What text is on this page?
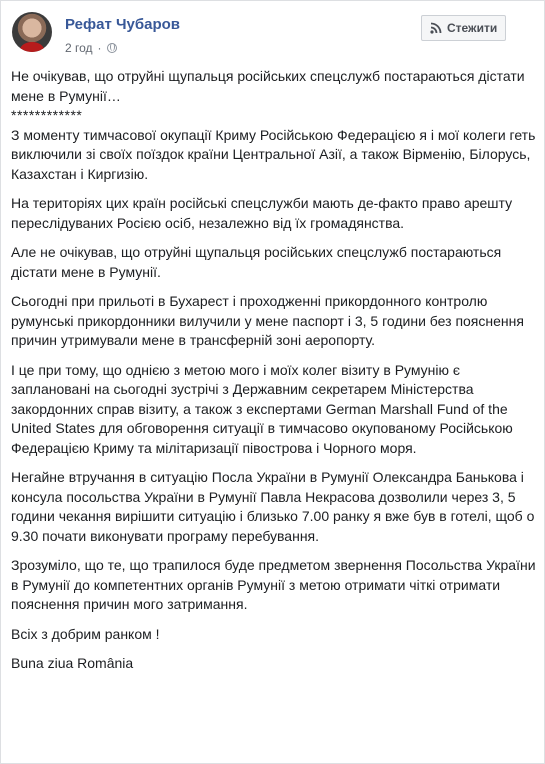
Рефат Чубаров
2 год ·
Стежити

Не очікував, що отруйні щупальця російських спецслужб постараються дістати мене в Румунії…

************

З моменту тимчасової окупації Криму Російською Федерацією я і мої колеги геть виключили зі своїх поїздок країни Центральної Азії, а також Вірменію, Білорусь, Казахстан і Киргизію.

На територіях цих країн російські спецслужби мають де-факто право арешту переслідуваних Росією осіб, незалежно від їх громадянства.

Але не очікував, що отруйні щупальця російських спецслужб постараються дістати мене в Румунії.

Сьогодні при прильоті в Бухарест і проходженні прикордонного контролю румунські прикордонники вилучили у мене паспорт і 3, 5 години без пояснення причин утримували мене в трансферній зоні аеропорту.

І це при тому, що однією з метою мого і моїх колег візиту в Румунію є заплановані на сьогодні зустрічі з Державним секретарем Міністерства закордонних справ візиту, а також з експертами German Marshall Fund of the United States для обговорення ситуації в тимчасово окупованому Російською Федерацією Криму та мілітаризації півострова і Чорного моря.

Негайне втручання в ситуацію Посла України в Румунії Олександра Банькова і консула посольства України в Румунії Павла Некрасова дозволили через 3, 5 години чекання вирішити ситуацію і близько 7.00 ранку я вже був в готелі, щоб о 9.30 почати виконувати програму перебування.

Зрозуміло, що те, що трапилося буде предметом звернення Посольства України в Румунії до компетентних органів Румунії з метою отримати чіткі отримати пояснення причин мого затримання.

Всіх з добрим ранком !

Buna ziua România
